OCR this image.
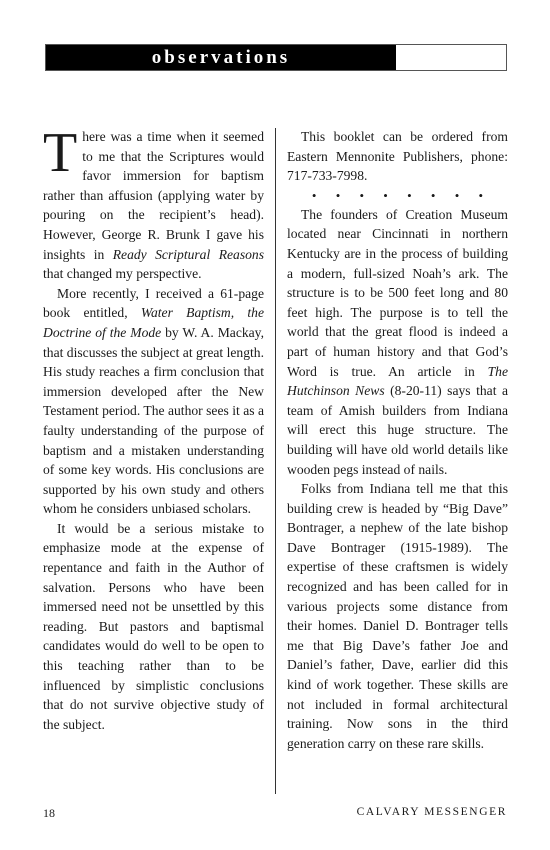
observations

There was a time when it seemed to me that the Scriptures would favor immersion for baptism rather than affusion (applying water by pouring on the recipient’s head). However, George R. Brunk I gave his insights in Ready Scriptural Reasons that changed my perspective.

More recently, I received a 61-page book entitled, Water Baptism, the Doctrine of the Mode by W. A. Mackay, that discusses the subject at great length. His study reaches a firm conclusion that immersion developed after the New Testament period. The author sees it as a faulty understanding of the purpose of baptism and a mistaken understanding of some key words. His conclusions are supported by his own study and others whom he considers unbiased scholars.

It would be a serious mistake to emphasize mode at the expense of repentance and faith in the Author of salvation. Persons who have been immersed need not be unsettled by this reading. But pastors and baptismal candidates would do well to be open to this teaching rather than to be influenced by simplistic conclusions that do not survive objective study of the subject.

This booklet can be ordered from Eastern Mennonite Publishers, phone: 717-733-7998.

• • • • • • • •

The founders of Creation Museum located near Cincinnati in northern Kentucky are in the process of building a modern, full-sized Noah’s ark. The structure is to be 500 feet long and 80 feet high. The purpose is to tell the world that the great flood is indeed a part of human history and that God’s Word is true. An article in The Hutchinson News (8-20-11) says that a team of Amish builders from Indiana will erect this huge structure. The building will have old world details like wooden pegs instead of nails.

Folks from Indiana tell me that this building crew is headed by “Big Dave” Bontrager, a nephew of the late bishop Dave Bontrager (1915-1989). The expertise of these craftsmen is widely recognized and has been called for in various projects some distance from their homes. Daniel D. Bontrager tells me that Big Dave’s father Joe and Daniel’s father, Dave, earlier did this kind of work together. These skills are not included in formal architectural training. Now sons in the third generation carry on these rare skills.

18	CALVARY MESSENGER
